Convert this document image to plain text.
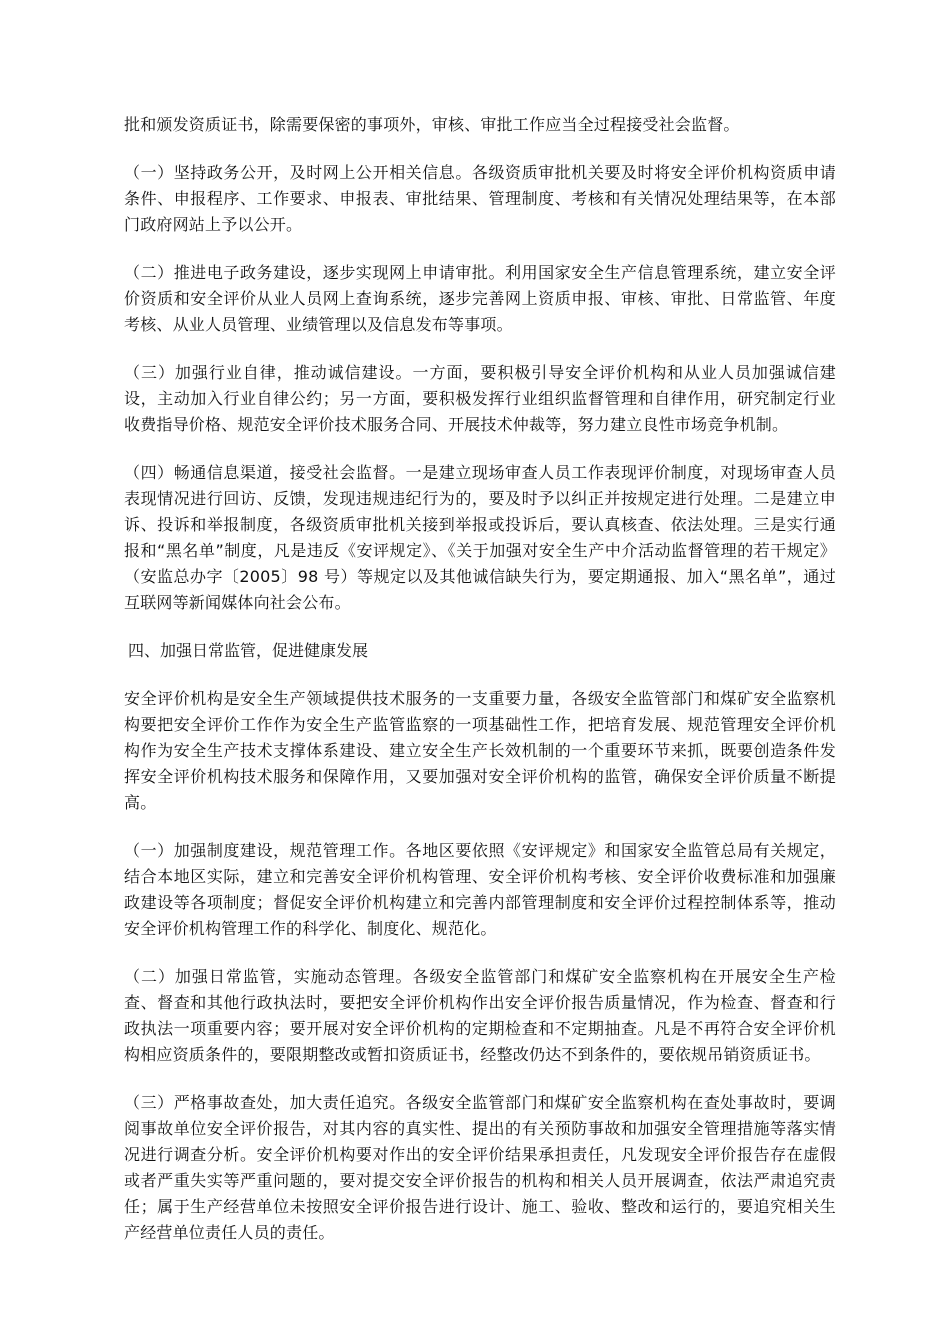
批和颁发资质证书，除需要保密的事项外，审核、审批工作应当全过程接受社会监督。

（一）坚持政务公开，及时网上公开相关信息。各级资质审批机关要及时将安全评价机构资质申请条件、申报程序、工作要求、申报表、审批结果、管理制度、考核和有关情况处理结果等，在本部门政府网站上予以公开。

（二）推进电子政务建设，逐步实现网上申请审批。利用国家安全生产信息管理系统，建立安全评价资质和安全评价从业人员网上查询系统，逐步完善网上资质申报、审核、审批、日常监管、年度考核、从业人员管理、业绩管理以及信息发布等事项。

（三）加强行业自律，推动诚信建设。一方面，要积极引导安全评价机构和从业人员加强诚信建设，主动加入行业自律公约；另一方面，要积极发挥行业组织监督管理和自律作用，研究制定行业收费指导价格、规范安全评价技术服务合同、开展技术仲裁等，努力建立良性市场竞争机制。

（四）畅通信息渠道，接受社会监督。一是建立现场审查人员工作表现评价制度，对现场审查人员表现情况进行回访、反馈，发现违规违纪行为的，要及时予以纠正并按规定进行处理。二是建立申诉、投诉和举报制度，各级资质审批机关接到举报或投诉后，要认真核查、依法处理。三是实行通报和“黑名单”制度，凡是违反《安评规定》、《关于加强对安全生产中介活动监督管理的若干规定》（安监总办字〔2005〕98 号）等规定以及其他诚信缺失行为，要定期通报、加入“黑名单”，通过互联网等新闻媒体向社会公布。

四、加强日常监管，促进健康发展

安全评价机构是安全生产领域提供技术服务的一支重要力量，各级安全监管部门和煤矿安全监察机构要把安全评价工作作为安全生产监管监察的一项基础性工作，把培育发展、规范管理安全评价机构作为安全生产技术支撑体系建设、建立安全生产长效机制的一个重要环节来抓，既要创造条件发挥安全评价机构技术服务和保障作用，又要加强对安全评价机构的监管，确保安全评价质量不断提高。

（一）加强制度建设，规范管理工作。各地区要依照《安评规定》和国家安全监管总局有关规定，结合本地区实际，建立和完善安全评价机构管理、安全评价机构考核、安全评价收费标准和加强廉政建设等各项制度；督促安全评价机构建立和完善内部管理制度和安全评价过程控制体系等，推动安全评价机构管理工作的科学化、制度化、规范化。

（二）加强日常监管，实施动态管理。各级安全监管部门和煤矿安全监察机构在开展安全生产检查、督查和其他行政执法时，要把安全评价机构作出安全评价报告质量情况，作为检查、督查和行政执法一项重要内容；要开展对安全评价机构的定期检查和不定期抽查。凡是不再符合安全评价机构相应资质条件的，要限期整改或暂扣资质证书，经整改仍达不到条件的，要依规吊销资质证书。

（三）严格事故查处，加大责任追究。各级安全监管部门和煤矿安全监察机构在查处事故时，要调阅事故单位安全评价报告，对其内容的真实性、提出的有关预防事故和加强安全管理措施等落实情况进行调查分析。安全评价机构要对作出的安全评价结果承担责任，凡发现安全评价报告存在虚假或者严重失实等严重问题的，要对提交安全评价报告的机构和相关人员开展调查，依法严肃追究责任；属于生产经营单位未按照安全评价报告进行设计、施工、验收、整改和运行的，要追究相关生产经营单位责任人员的责任。
